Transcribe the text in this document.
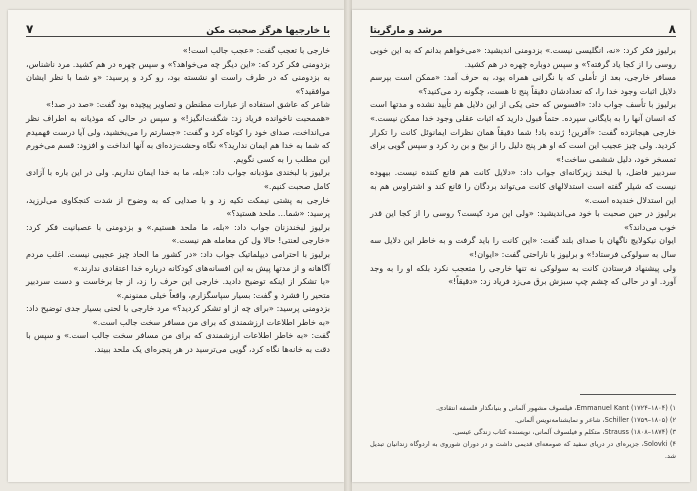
۷	با خارجیها هرگز صحبت مکن

خارجی با تعجب گفت: «عجب جالب است!»

بزدومنی فکر کرد که: «این دیگر چه می‌خواهد؟» و سپس چهره در هم کشید. مرد ناشناس، به بزدومنی که در طرف راست او نشسته بود، رو کرد و پرسید: «و شما با نظر ایشان موافقید؟»

شاعر که عاشق استفاده از عبارات مطنطن و تصاویر پیچیده بود گفت: «صد در صد!»

«هممحبت ناخوانده فریاد زد: شگفت‌انگیز!» و سپس در حالی که موذیانه به اطراف نظر می‌انداخت، صدای خود را کوتاه کرد و گفت: «جسارتم را می‌بخشید، ولی آیا درست فهمیدم که شما به خدا هم ایمان ندارید؟» نگاه وحشت‌زده‌ای به آنها انداخت و افزود: قسم می‌خورم این مطلب را به کسی نگویم.

برلیوز با لبخندی مؤدبانه جواب داد: «بله، ما به خدا ایمان نداریم. ولی در این باره با آزادی کامل صحبت کنیم.»

خارجی به پشتی نیمکت تکیه زد و با صدایی که به وضوح از شدت کنجکاوی می‌لرزید، پرسید: «شما... ملحد هستید؟»

برلیوز لبخندزنان جواب داد: «بله، ما ملحد هستیم.» و بزدومنی با عصبانیت فکر کرد: «خارجی لعنتی! حالا ول کن معامله هم نیست.»

برلیوز با احترامی دیپلماتیک جواب داد: «در کشور ما الحاد چیز عجیبی نیست. اغلب مردم آگاهانه و از مدتها پیش به این افسانه‌های کودکانه درباره خدا اعتقادی ندارند.»

«با تشکر از اینکه توضیح دادید. خارجی این حرف را زد، از جا برخاست و دست سردبیر متحیر را فشرد و گفت: بسیار سپاسگزارم، واقعاً خیلی ممنونم.»

بزدومنی پرسید: «برای چه از او تشکر کردید؟» مرد خارجی با لحنی بسیار جدی توضیح داد: «به خاطر اطلاعات ارزشمندی که برای من مسافر سخت جالب است.»

گفت: «به خاطر اطلاعات ارزشمندی که برای من مسافر سخت جالب است.» و سپس با دقت به خانه‌ها نگاه کرد، گویی می‌ترسید در هر پنجره‌ای یک ملحد ببیند.

مرشد و مارگریتا	۸

برلیوز فکر کرد: «نه، انگلیسی نیست.» بزدومنی اندیشید: «می‌خواهم بدانم که به این خوبی روسی را از کجا یاد گرفته؟» و سپس دوباره چهره در هم کشید.

مسافر خارجی، بعد از تأملی که با نگرانی همراه بود، به حرف آمد: «ممکن است بپرسم دلایل اثبات وجود خدا را، که تعدادشان دقیقاً پنج تا هست، چگونه رد می‌کنید؟»

برلیوز با تأسف جواب داد: «افسوس که حتی یکی از این دلایل هم تأیید نشده و مدتها است که انسان آنها را به بایگانی سپرده. حتماً قبول دارید که اثبات عقلی وجود خدا ممکن نیست.»

خارجی هیجانزده گفت: «آفرین! ژنده باد! شما دقیقاً همان نظرات ایمانوئل کانت را تکرار کردید. ولی چیز عجیب این است که او هر پنج دلیل را از بیخ و بن رد کرد و سپس گویی برای تمسخر خود، دلیل ششمی ساخت!»

سردبیر فاضل، با لبخند زیرکانه‌ای جواب داد: «دلایل کانت هم قانع کننده نیست. بیهوده نیست که شیلر گفته است استدلالهای کانت می‌تواند بردگان را قانع کند و اشتراوس هم به این استدلال خندیده است.»

برلیوز در حین صحبت با خود می‌اندیشید: «ولی این مرد کیست؟ روسی را از کجا این قدر خوب می‌داند؟»

ایوان نیکولایچ ناگهان با صدای بلند گفت: «این کانت را باید گرفت و به خاطر این دلایل سه سال به سولوکی فرستاد!» و برلیوز با ناراحتی گفت: «ایوان!»

ولی پیشنهاد فرستادن کانت به سولوکی نه تنها خارجی را متعجب نکرد بلکه او را به وجد آورد. او در حالی که چشم چپ سبزش برق می‌زد فریاد زد: «دقیقاً!»

۱) Emmanuel Kant (۱۷۲۴–۱۸۰۴)، فیلسوف مشهور آلمانی و بنیانگذار فلسفه انتقادی.

۲) Schiller (۱۷۵۹–۱۸۰۵)، شاعر و نمایشنامه‌نویس آلمانی.

۳) Strauss (۱۸۰۸–۱۸۷۴)، متکلم و فیلسوف آلمانی، نویسنده کتاب زندگی عیسی.

۴) Solovki، جزیره‌ای در دریای سفید که صومعه‌ای قدیمی داشت و در دوران شوروی به اردوگاه زندانیان تبدیل شد.
